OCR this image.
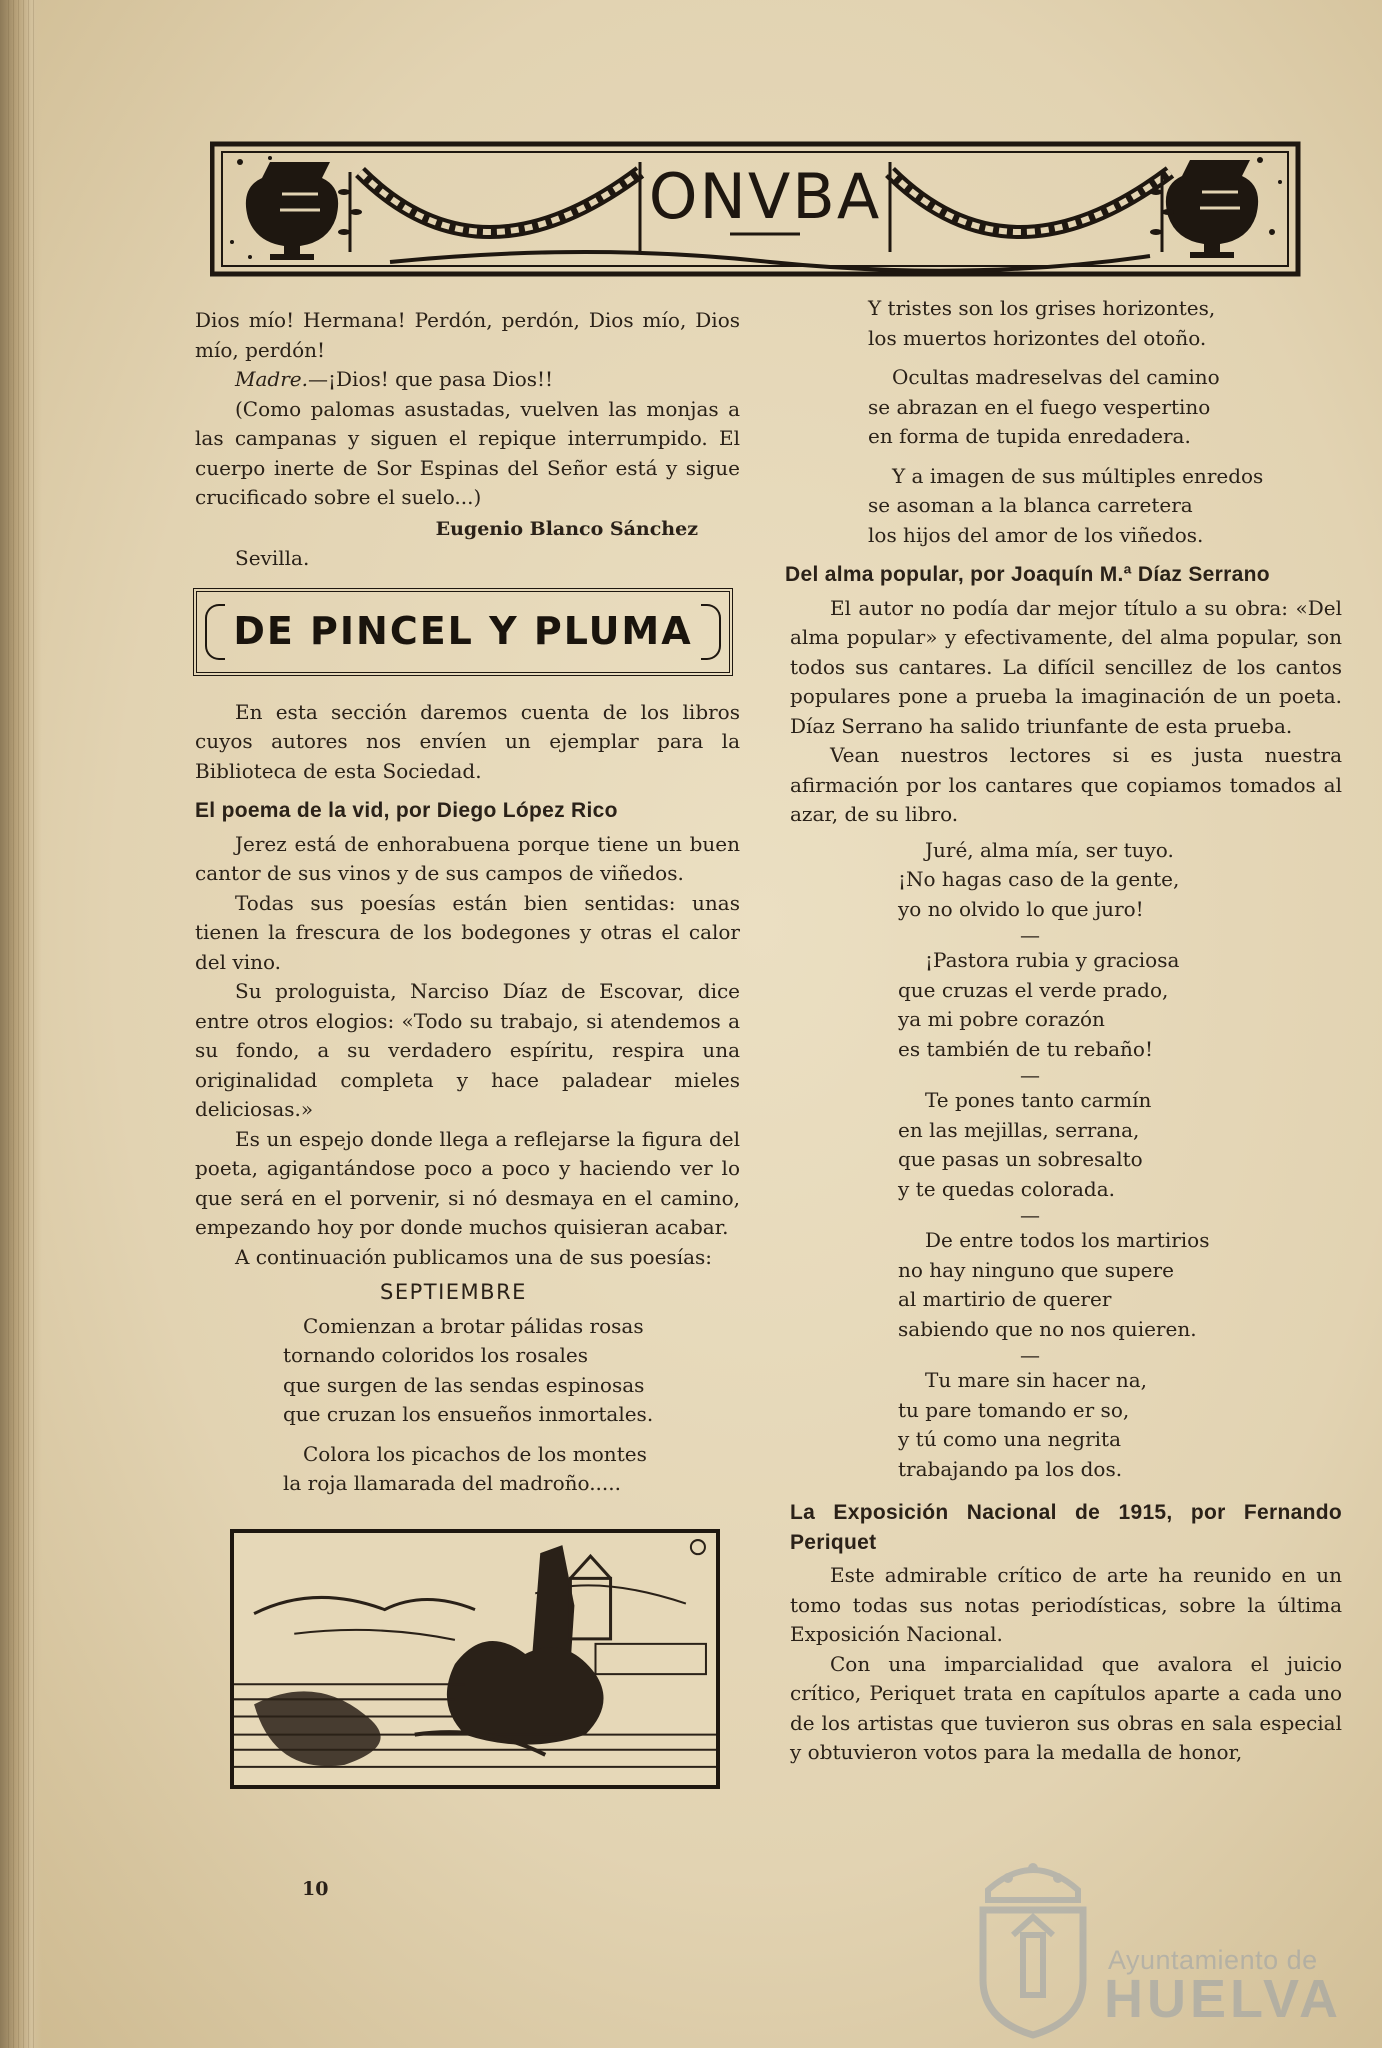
ONVBA

Dios mío! Hermana! Perdón, perdón, Dios mío, Dios mío, perdón!

Madre.—¡Dios! que pasa Dios!!

(Como palomas asustadas, vuelven las monjas a las campanas y siguen el repique interrumpido. El cuerpo inerte de Sor Espinas del Señor está y sigue crucificado sobre el suelo...)

Eugenio Blanco Sánchez

Sevilla.

DE PINCEL Y PLUMA

En esta sección daremos cuenta de los libros cuyos autores nos envíen un ejemplar para la Biblioteca de esta Sociedad.

El poema de la vid, por Diego López Rico

Jerez está de enhorabuena porque tiene un buen cantor de sus vinos y de sus campos de viñedos.

Todas sus poesías están bien sentidas: unas tienen la frescura de los bodegones y otras el calor del vino.

Su prologuista, Narciso Díaz de Escovar, dice entre otros elogios: «Todo su trabajo, si atendemos a su fondo, a su verdadero espíritu, respira una originalidad completa y hace paladear mieles deliciosas.»

Es un espejo donde llega a reflejarse la figura del poeta, agigantándose poco a poco y haciendo ver lo que será en el porvenir, si nó desmaya en el camino, empezando hoy por donde muchos quisieran acabar.

A continuación publicamos una de sus poesías:

SEPTIEMBRE

Comienzan a brotar pálidas rosas

tornando coloridos los rosales

que surgen de las sendas espinosas

que cruzan los ensueños inmortales.

Colora los picachos de los montes

la roja llamarada del madroño.....

Y tristes son los grises horizontes,

los muertos horizontes del otoño.

Ocultas madreselvas del camino

se abrazan en el fuego vespertino

en forma de tupida enredadera.

Y a imagen de sus múltiples enredos

se asoman a la blanca carretera

los hijos del amor de los viñedos.

Del alma popular, por Joaquín M.ª Díaz Serrano

El autor no podía dar mejor título a su obra: «Del alma popular» y efectivamente, del alma popular, son todos sus cantares. La difícil sencillez de los cantos populares pone a prueba la imaginación de un poeta. Díaz Serrano ha salido triunfante de esta prueba.

Vean nuestros lectores si es justa nuestra afirmación por los cantares que copiamos tomados al azar, de su libro.

Juré, alma mía, ser tuyo.

¡No hagas caso de la gente,

yo no olvido lo que juro!

—

¡Pastora rubia y graciosa

que cruzas el verde prado,

ya mi pobre corazón

es también de tu rebaño!

—

Te pones tanto carmín

en las mejillas, serrana,

que pasas un sobresalto

y te quedas colorada.

—

De entre todos los martirios

no hay ninguno que supere

al martirio de querer

sabiendo que no nos quieren.

—

Tu mare sin hacer na,

tu pare tomando er so,

y tú como una negrita

trabajando pa los dos.

La Exposición Nacional de 1915, por Fernando Periquet

Este admirable crítico de arte ha reunido en un tomo todas sus notas periodísticas, sobre la última Exposición Nacional.

Con una imparcialidad que avalora el juicio crítico, Periquet trata en capítulos aparte a cada uno de los artistas que tuvieron sus obras en sala especial y obtuvieron votos para la medalla de honor,

10
Ayuntamiento de
HUELVA
